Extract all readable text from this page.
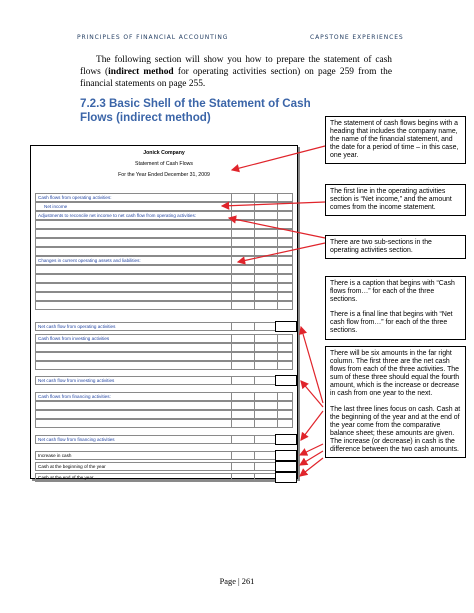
PRINCIPLES OF FINANCIAL ACCOUNTING	CAPSTONE EXPERIENCES
The following section will show you how to prepare the statement of cash flows (indirect method for operating activities section) on page 259 from the financial statements on page 255.
7.2.3 Basic Shell of the Statement of Cash Flows (indirect method)
Jonick Company
Statement of Cash Flows
For the Year Ended December 31, 2009
Cash flows from operating activities:
Net income
Adjustments to reconcile net income to net cash flow from operating activities:
Changes in current operating assets and liabilities:
Net cash flow from operating activities
Cash flows from investing activities
Net cash flow from investing activities
Cash flows from financing activities:
Net cash flow from financing activities
Increase in cash
Cash at the beginning of the year
Cash at the end of the year

The statement of cash flows begins with a heading that includes the company name, the name of the financial statement, and the date for a period of time – in this case, one year.

The first line in the operating activities section is “Net income,” and the amount comes from the income statement.

There are two sub-sections in the operating activities section.

There is a caption that begins with “Cash flows from…” for each of the three sections.

There is a final line that begins with “Net cash flow from…” for each of the three sections.

There will be six amounts in the far right column. The first three are the net cash flows from each of the three activities. The sum of these three should equal the fourth amount, which is the increase or decrease in cash from one year to the next.

The last three lines focus on cash. Cash at the beginning of the year and at the end of the year come from the comparative balance sheet; these amounts are given. The increase (or decrease) in cash is the difference between the two cash amounts.

Page | 261
